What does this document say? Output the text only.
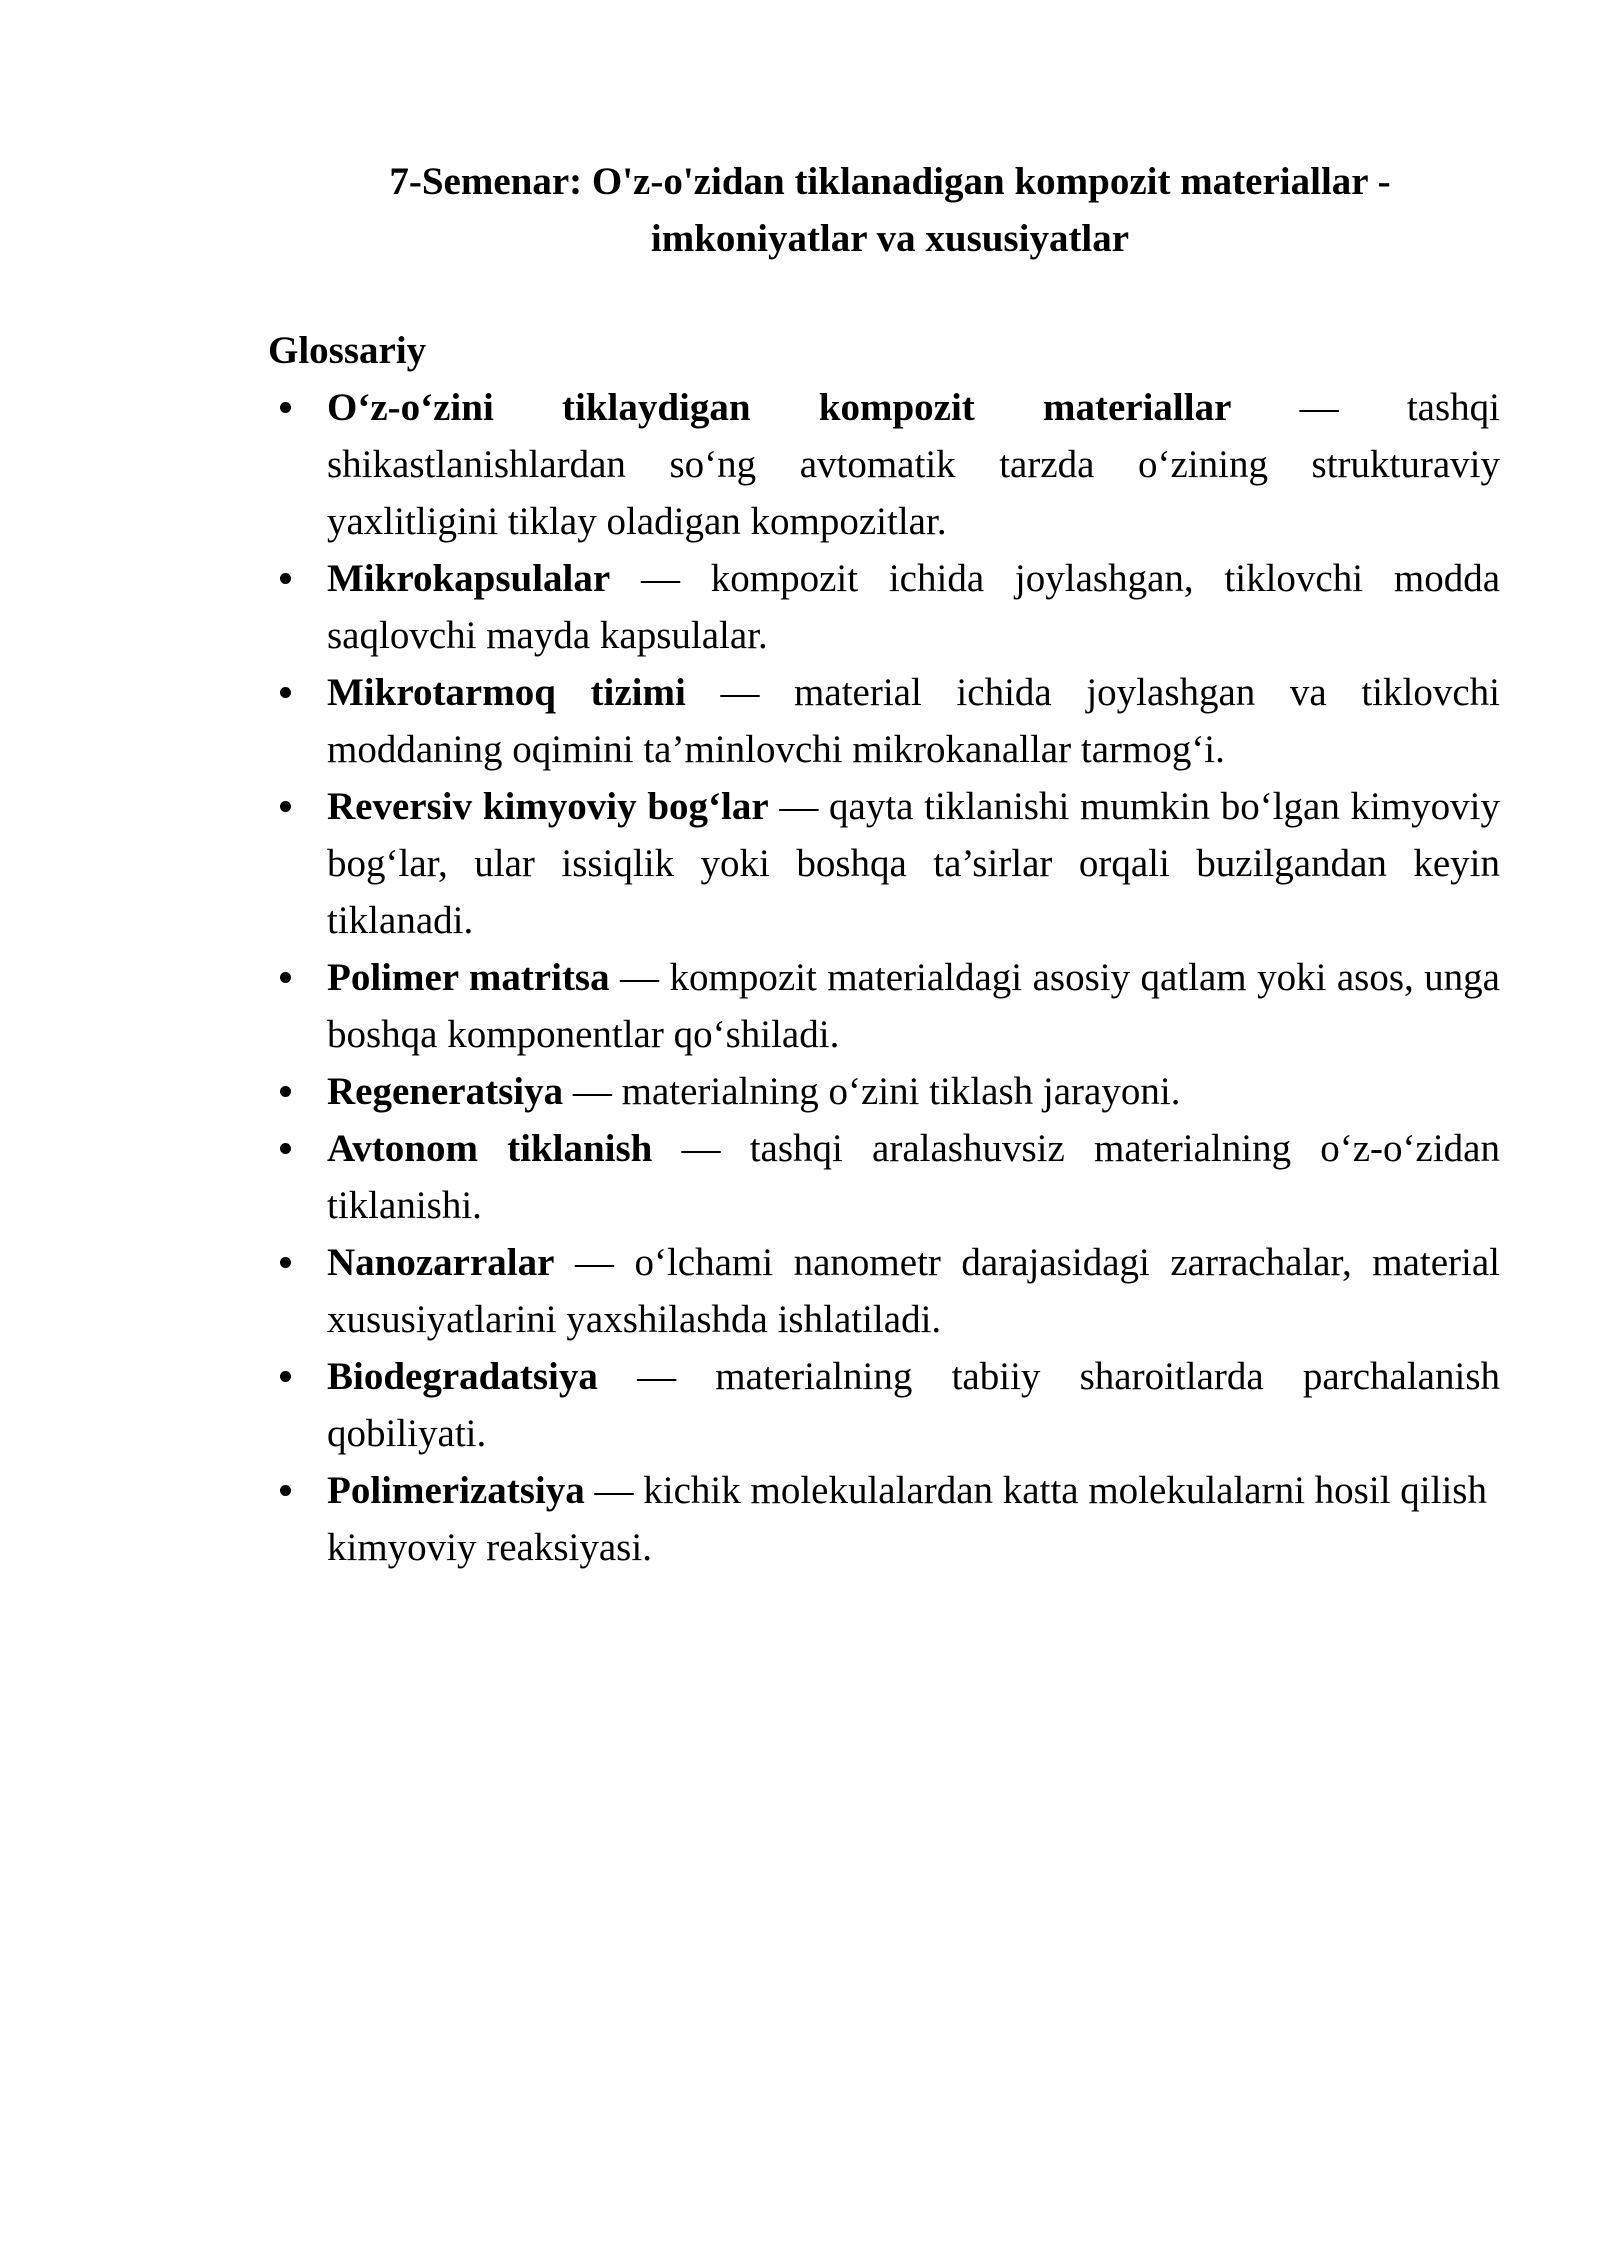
7-Semenar: O'z-o'zidan tiklanadigan kompozit materiallar -
imkoniyatlar va xususiyatlar
Glossariy
O‘z-o‘zini tiklaydigan kompozit materiallar — tashqi shikastlanishlardan so‘ng avtomatik tarzda o‘zining strukturaviy yaxlitligini tiklay oladigan kompozitlar.
Mikrokapsulalar — kompozit ichida joylashgan, tiklovchi modda saqlovchi mayda kapsulalar.
Mikrotarmoq tizimi — material ichida joylashgan va tiklovchi moddaning oqimini ta’minlovchi mikrokanallar tarmog‘i.
Reversiv kimyoviy bog‘lar — qayta tiklanishi mumkin bo‘lgan kimyoviy bog‘lar, ular issiqlik yoki boshqa ta’sirlar orqali buzilgandan keyin tiklanadi.
Polimer matritsa — kompozit materialdagi asosiy qatlam yoki asos, unga boshqa komponentlar qo‘shiladi.
Regeneratsiya — materialning o‘zini tiklash jarayoni.
Avtonom tiklanish — tashqi aralashuvsiz materialning o‘z-o‘zidan tiklanishi.
Nanozarralar — o‘lchami nanometr darajasidagi zarrachalar, material xususiyatlarini yaxshilashda ishlatiladi.
Biodegradatsiya — materialning tabiiy sharoitlarda parchalanish qobiliyati.
Polimerizatsiya — kichik molekulalardan katta molekulalarni hosil qilish kimyoviy reaksiyasi.
